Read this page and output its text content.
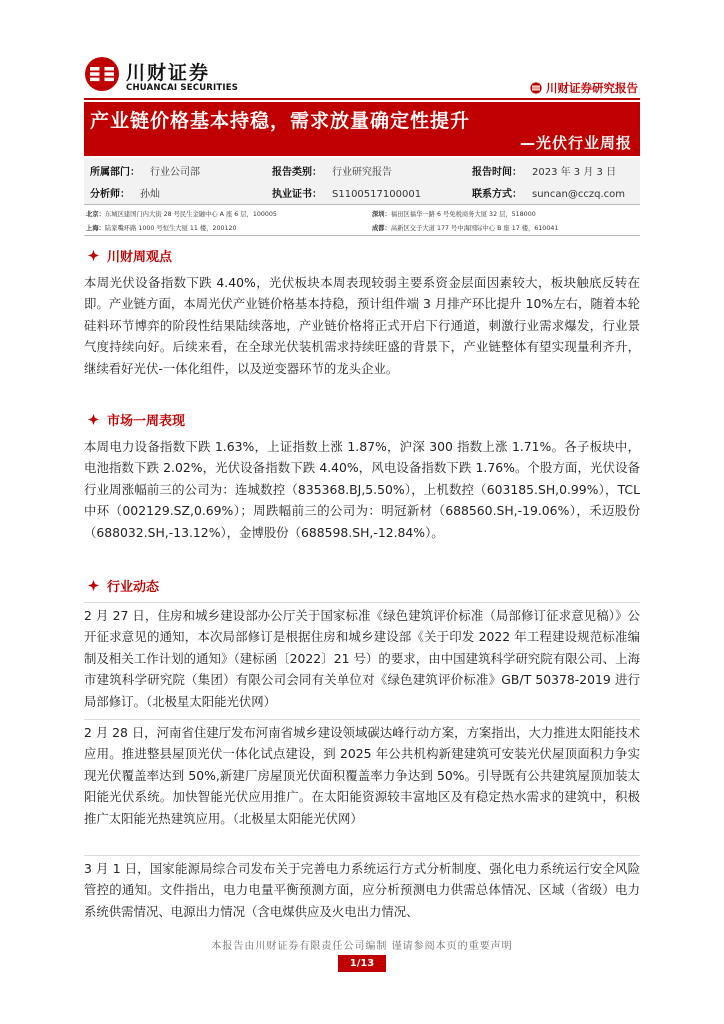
川财证券
CHUANCAI SECURITIES	川财证券研究报告
产业链价格基本持稳，需求放量确定性提升
—光伏行业周报
所属部门： 行业公司部	报告类别： 行业研究报告	报告时间： 2023 年 3 月 3 日
分析师： 孙灿	执业证书： S1100517100001	联系方式： suncan@cczq.com
北京：东城区建国门内大街 28 号民生金融中心 A 座 6 层，100005	深圳：福田区福华一路 6 号免税商务大厦 32 层，518000
上海：陆家嘴环路 1000 号恒生大厦 11 楼，200120	成都：高新区交子大道 177 号中海国际中心 B 座 17 楼，610041
川财周观点
本周光伏设备指数下跌 4.40%，光伏板块本周表现较弱主要系资金层面因素较大，板块触底反转在即。产业链方面，本周光伏产业链价格基本持稳，预计组件端 3 月排产环比提升 10%左右，随着本轮硅料环节博弈的阶段性结果陆续落地，产业链价格将正式开启下行通道，刺激行业需求爆发，行业景气度持续向好。后续来看，在全球光伏装机需求持续旺盛的背景下，产业链整体有望实现量利齐升，继续看好光伏-一体化组件，以及逆变器环节的龙头企业。
市场一周表现
本周电力设备指数下跌 1.63%，上证指数上涨 1.87%，沪深 300 指数上涨 1.71%。各子板块中，电池指数下跌 2.02%，光伏设备指数下跌 4.40%，风电设备指数下跌 1.76%。个股方面，光伏设备行业周涨幅前三的公司为：连城数控（835368.BJ,5.50%），上机数控（603185.SH,0.99%），TCL 中环（002129.SZ,0.69%）；周跌幅前三的公司为：明冠新材（688560.SH,-19.06%），禾迈股份（688032.SH,-13.12%），金博股份（688598.SH,-12.84%）。
行业动态
2 月 27 日，住房和城乡建设部办公厅关于国家标准《绿色建筑评价标准（局部修订征求意见稿）》公开征求意见的通知，本次局部修订是根据住房和城乡建设部《关于印发 2022 年工程建设规范标准编制及相关工作计划的通知》（建标函〔2022〕21 号）的要求，由中国建筑科学研究院有限公司、上海市建筑科学研究院（集团）有限公司会同有关单位对《绿色建筑评价标准》GB/T 50378-2019 进行局部修订。（北极星太阳能光伏网）
2 月 28 日，河南省住建厅发布河南省城乡建设领域碳达峰行动方案，方案指出，大力推进太阳能技术应用。推进整县屋顶光伏一体化试点建设，到 2025 年公共机构新建建筑可安装光伏屋顶面积力争实现光伏覆盖率达到 50%,新建厂房屋顶光伏面积覆盖率力争达到 50%。引导既有公共建筑屋顶加装太阳能光伏系统。加快智能光伏应用推广。在太阳能资源较丰富地区及有稳定热水需求的建筑中，积极推广太阳能光热建筑应用。（北极星太阳能光伏网）
3 月 1 日，国家能源局综合司发布关于完善电力系统运行方式分析制度、强化电力系统运行安全风险管控的通知。文件指出，电力电量平衡预测方面，应分析预测电力供需总体情况、区域（省级）电力系统供需情况、电源出力情况（含电煤供应及火电出力情况、
本报告由川财证券有限责任公司编制 谨请参阅本页的重要声明
1/13
